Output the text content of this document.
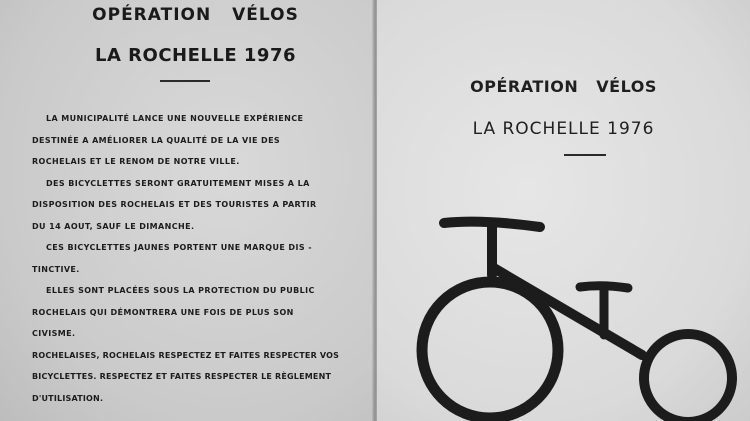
OPÉRATION VÉLOS
LA ROCHELLE 1976
LA MUNICIPALITÉ LANCE UNE NOUVELLE EXPÉRIENCE
DESTINÉE A AMÉLIORER LA QUALITÉ DE LA VIE DES
ROCHELAIS ET LE RENOM DE NOTRE VILLE.
DES BICYCLETTES SERONT GRATUITEMENT MISES A LA
DISPOSITION DES ROCHELAIS ET DES TOURISTES A PARTIR
DU 14 AOUT, SAUF LE DIMANCHE.
CES BICYCLETTES JAUNES PORTENT UNE MARQUE DIS -
TINCTIVE.
ELLES SONT PLACÉES SOUS LA PROTECTION DU PUBLIC
ROCHELAIS QUI DÉMONTRERA UNE FOIS DE PLUS SON
CIVISME.
ROCHELAISES, ROCHELAIS RESPECTEZ ET FAITES RESPECTER VOS
BICYCLETTES. RESPECTEZ ET FAITES RESPECTER LE RÈGLEMENT
D'UTILISATION.
OPÉRATION VÉLOS
LA ROCHELLE 1976
